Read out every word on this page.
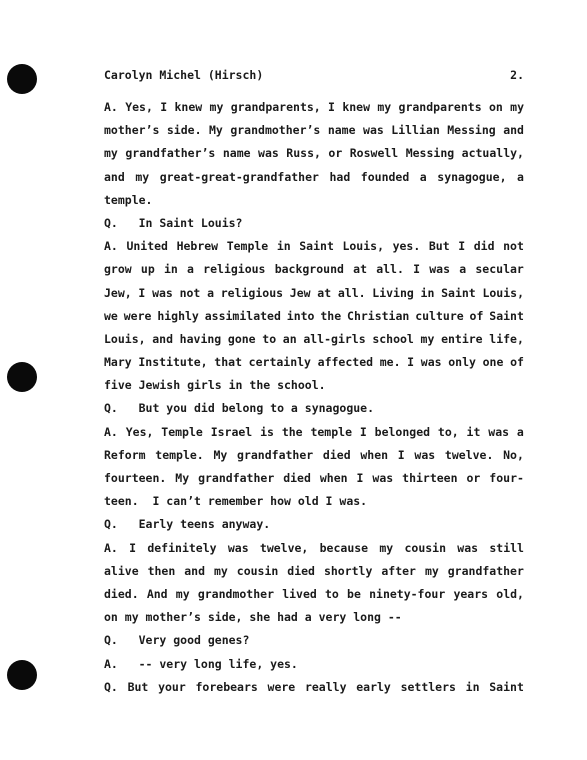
Carolyn Michel (Hirsch)	2.
A. Yes, I knew my grandparents, I knew my grandparents on my
mother’s side. My grandmother’s name was Lillian Messing and
my grandfather’s name was Russ, or Roswell Messing actually,
and my great-great-grandfather had founded a synagogue, a
temple.
Q.   In Saint Louis?
A. United Hebrew Temple in Saint Louis, yes. But I did not
grow up in a religious background at all. I was a secular
Jew, I was not a religious Jew at all. Living in Saint Louis,
we were highly assimilated into the Christian culture of Saint
Louis, and having gone to an all-girls school my entire life,
Mary Institute, that certainly affected me. I was only one of
five Jewish girls in the school.
Q.   But you did belong to a synagogue.
A. Yes, Temple Israel is the temple I belonged to, it was a
Reform temple. My grandfather died when I was twelve. No,
fourteen. My grandfather died when I was thirteen or four-
teen.  I can’t remember how old I was.
Q.   Early teens anyway.
A. I definitely was twelve, because my cousin was still
alive then and my cousin died shortly after my grandfather
died. And my grandmother lived to be ninety-four years old,
on my mother’s side, she had a very long --
Q.   Very good genes?
A.   -- very long life, yes.
Q. But your forebears were really early settlers in Saint
